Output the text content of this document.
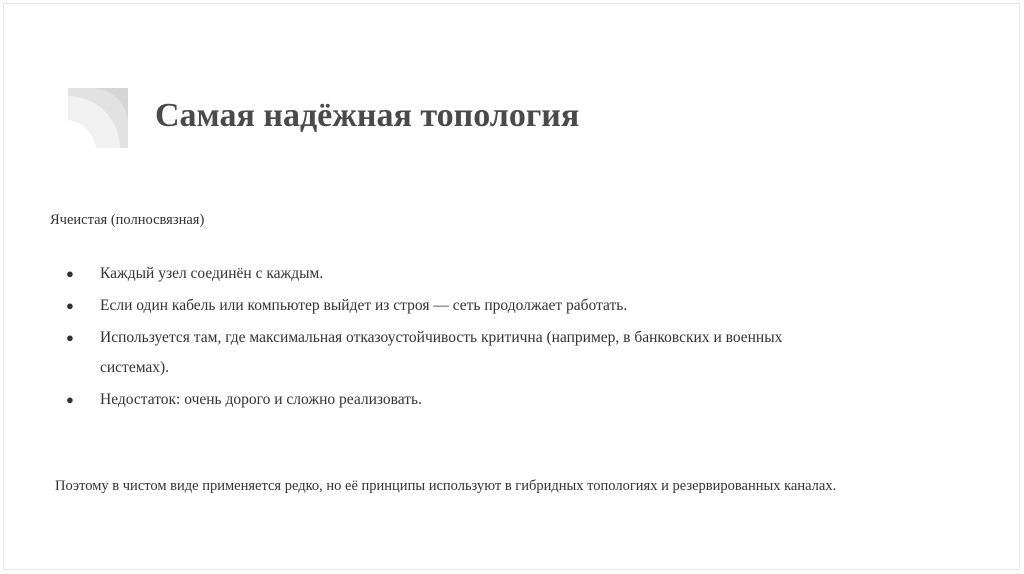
Самая надёжная топология
Ячеистая (полносвязная)
● Каждый узел соединён с каждым.
● Если один кабель или компьютер выйдет из строя — сеть продолжает работать.
● Используется там, где максимальная отказоустойчивость критична (например, в банковских и военных
системах).
● Недостаток: очень дорого и сложно реализовать.
Поэтому в чистом виде применяется редко, но её принципы используют в гибридных топологиях и резервированных каналах.
